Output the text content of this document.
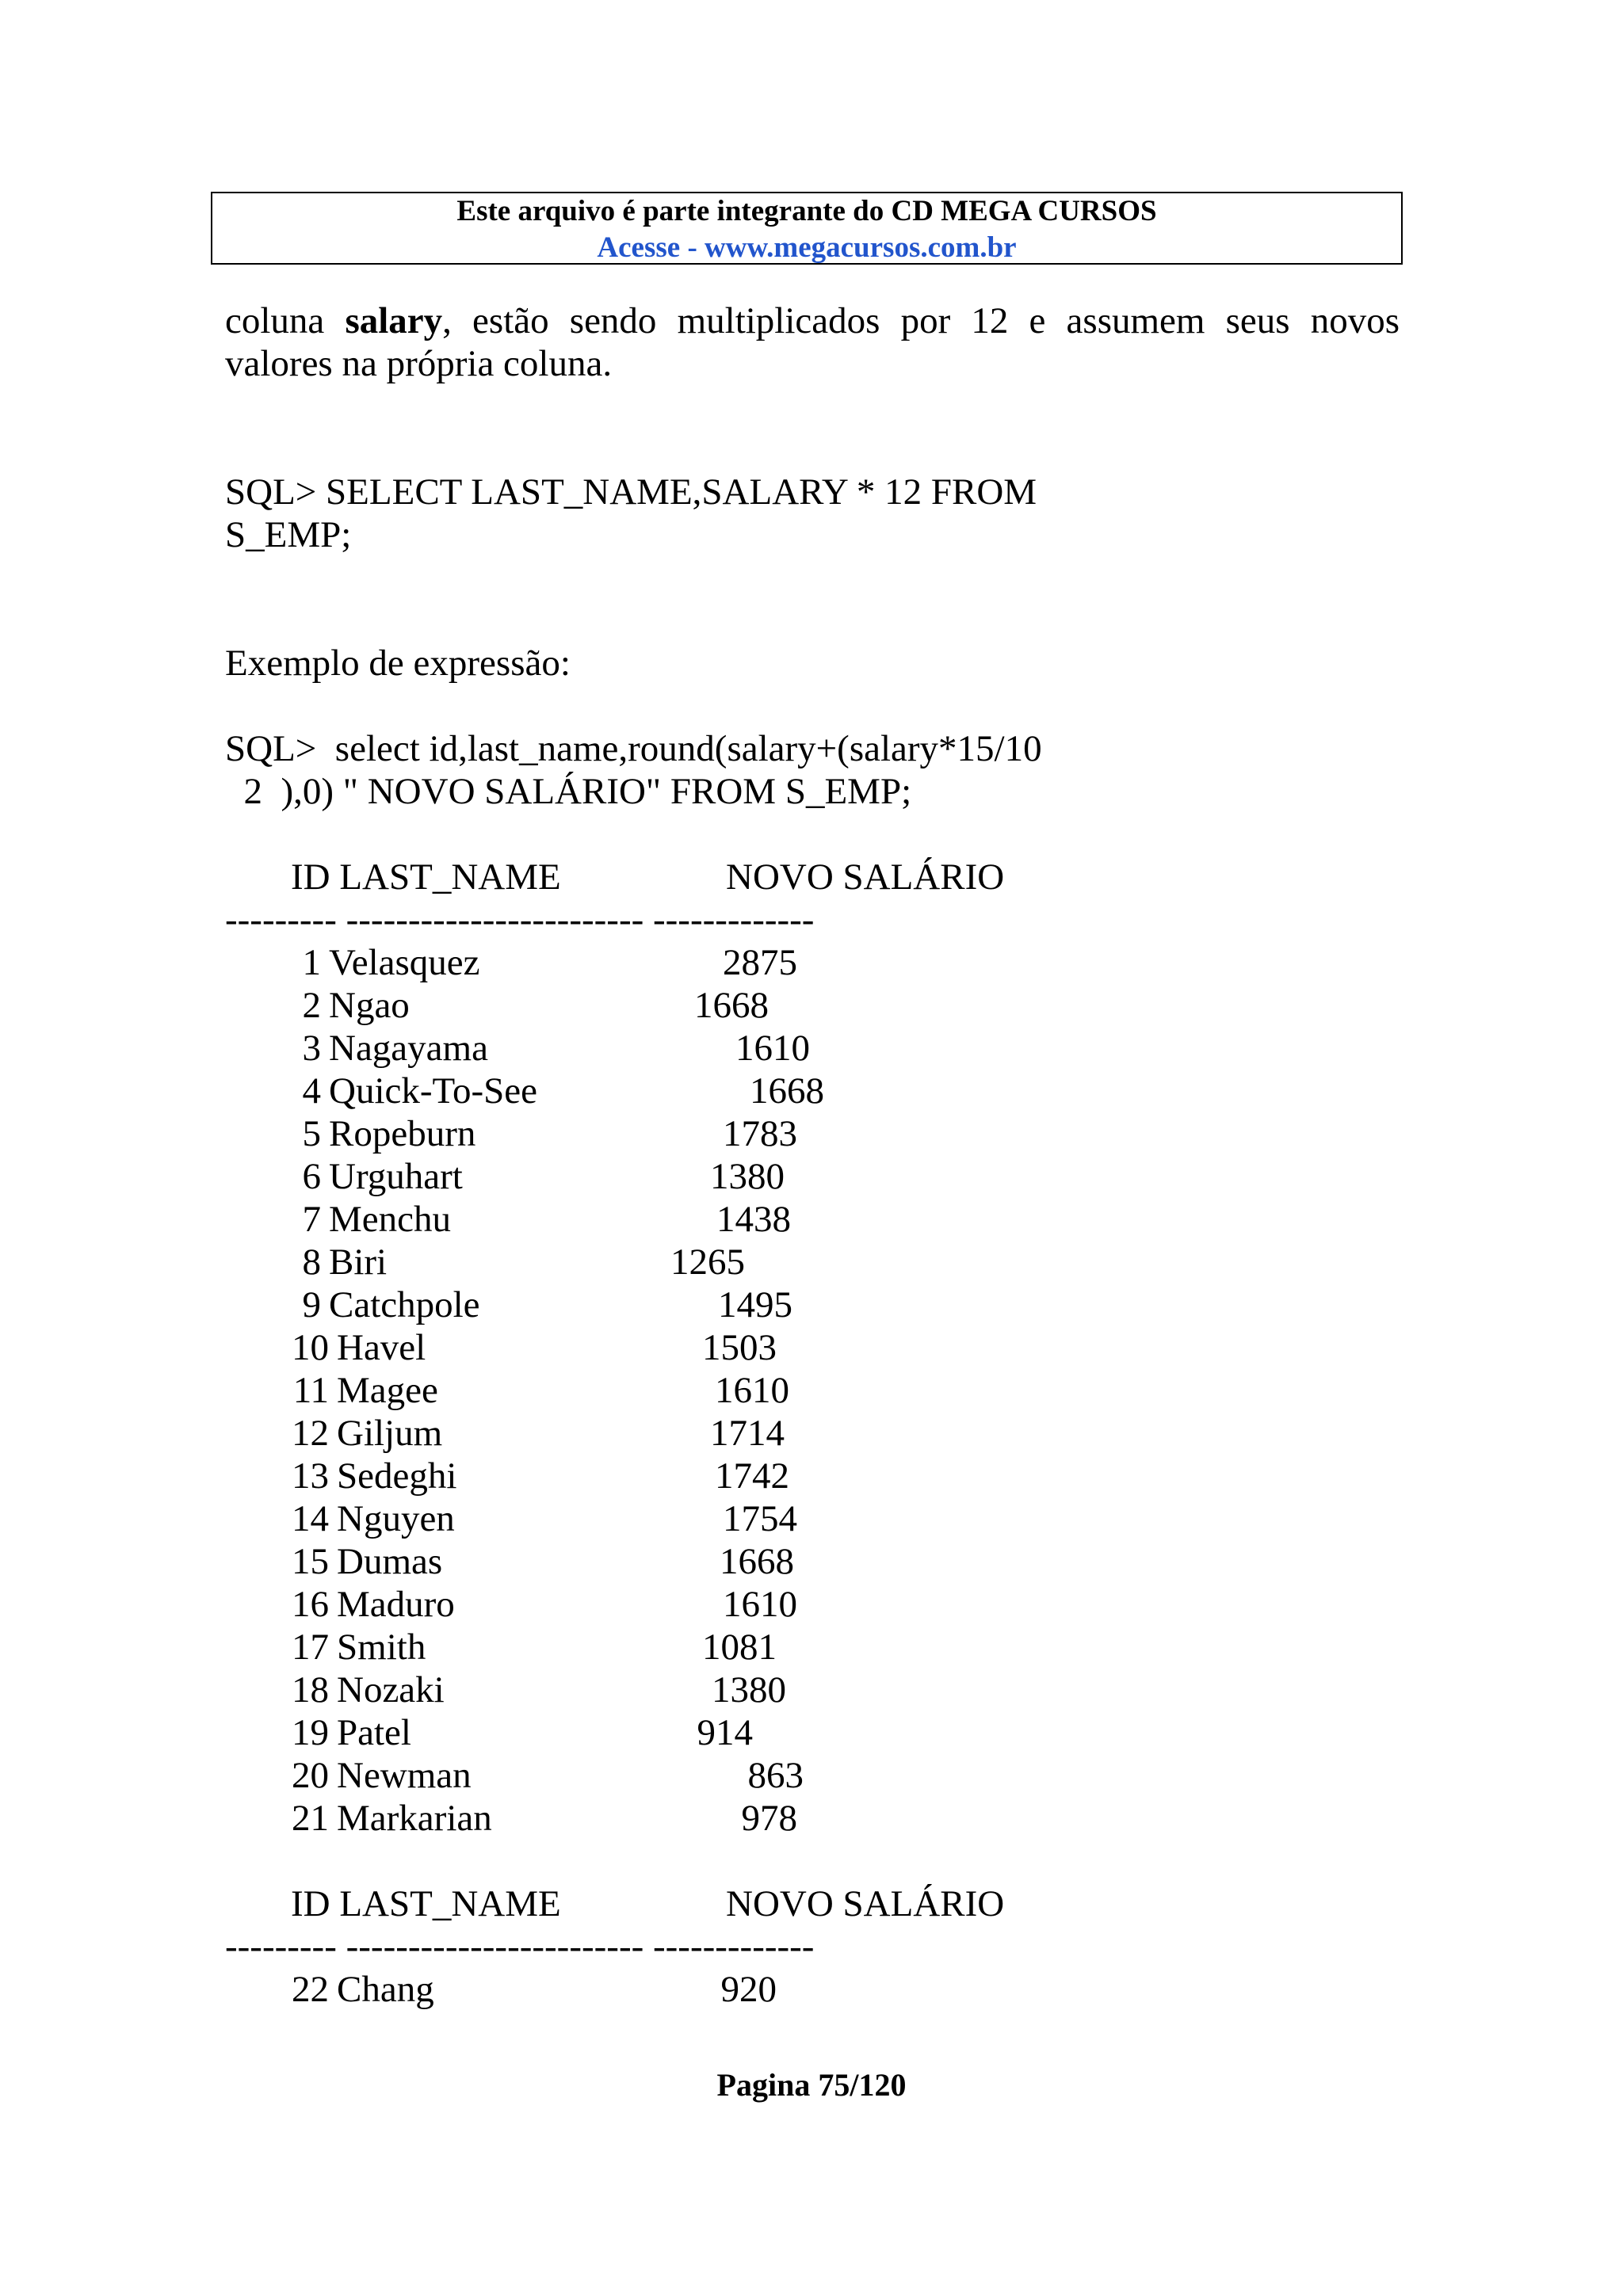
Este arquivo é parte integrante do CD MEGA CURSOS
Acesse - www.megacursos.com.br
coluna salary, estão sendo multiplicados por 12 e assumem seus novos
valores na própria coluna.
SQL> SELECT LAST_NAME,SALARY * 12 FROM
S_EMP;
Exemplo de expressão:
SQL>  select id,last_name,round(salary+(salary*15/10
2  ),0) " NOVO SALÁRIO" FROM S_EMP;
ID LAST_NAME	NOVO SALÁRIO
--------- ------------------------ -------------
1 Velasquez	2875
2 Ngao	1668
3 Nagayama	1610
4 Quick-To-See	1668
5 Ropeburn	1783
6 Urguhart	1380
7 Menchu	1438
8 Biri	1265
9 Catchpole	1495
10 Havel	1503
11 Magee	1610
12 Giljum	1714
13 Sedeghi	1742
14 Nguyen	1754
15 Dumas	1668
16 Maduro	1610
17 Smith	1081
18 Nozaki	1380
19 Patel	914
20 Newman	863
21 Markarian	978
ID LAST_NAME	NOVO SALÁRIO
--------- ------------------------ -------------
22 Chang	920
Pagina 75/120
